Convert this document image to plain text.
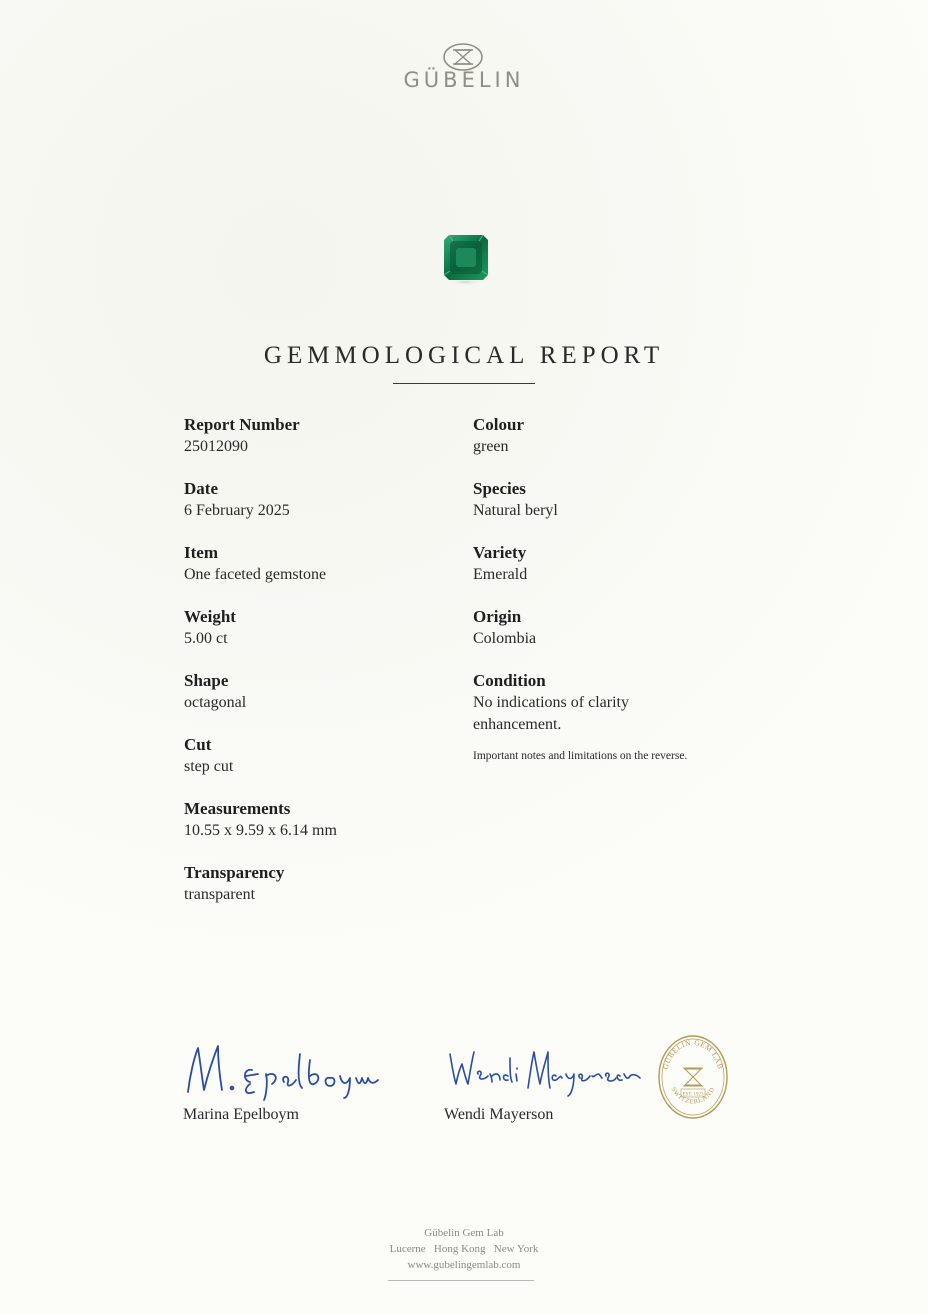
GÜBELIN
GEMMOLOGICAL REPORT
Report Number
25012090
Date
6 February 2025
Item
One faceted gemstone
Weight
5.00 ct
Shape
octagonal
Cut
step cut
Measurements
10.55 x 9.59 x 6.14 mm
Transparency
transparent
Colour
green
Species
Natural beryl
Variety
Emerald
Origin
Colombia
Condition
No indications of clarity
enhancement.
Important notes and limitations on the reverse.
Marina Epelboym	Wendi Mayerson
GÜBELIN GEM LAB
SWITZERLAND
EST. 1923
Gübelin Gem Lab
Lucerne   Hong Kong   New York
www.gubelingemlab.com
